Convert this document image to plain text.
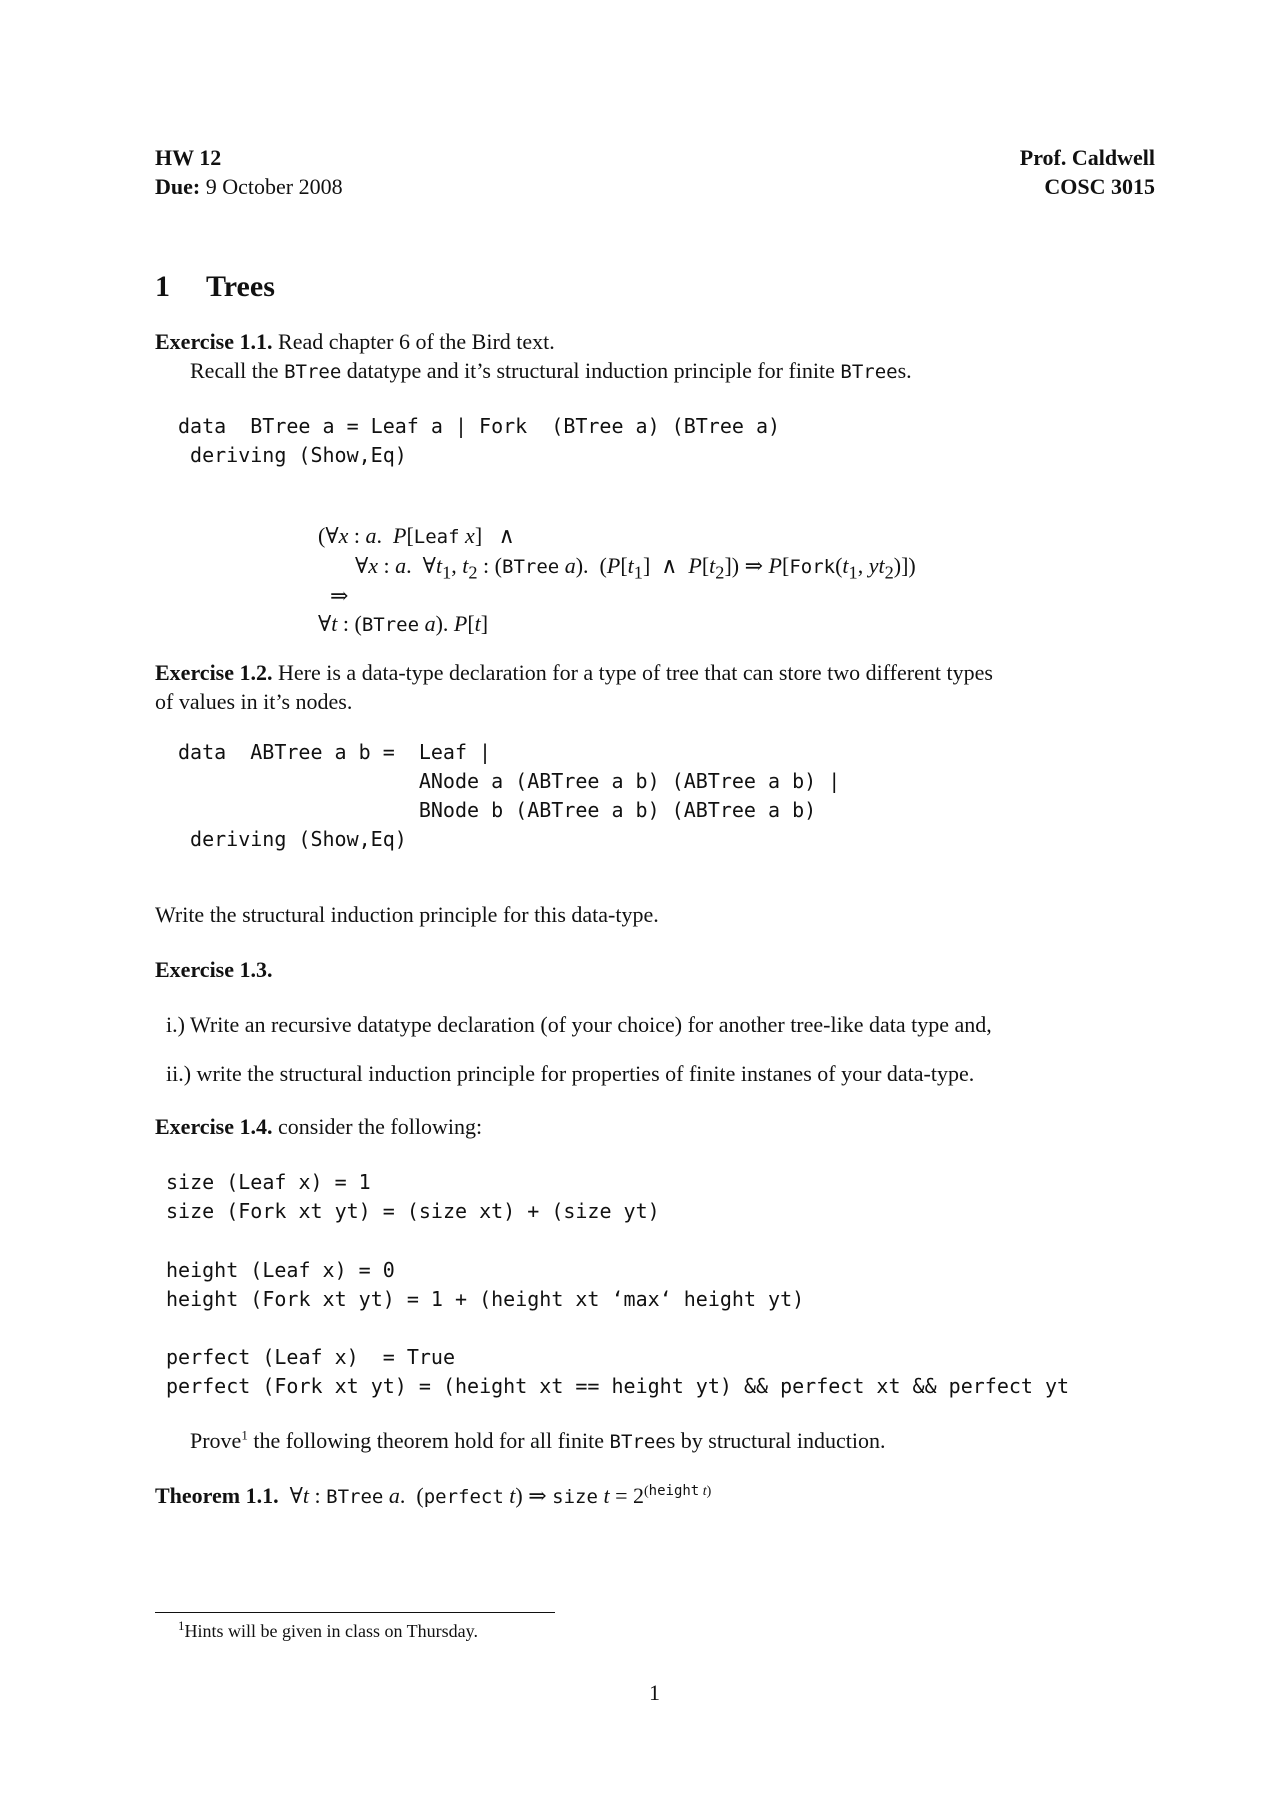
HW 12
Due: 9 October 2008
Prof. Caldwell
COSC 3015
1 Trees
Exercise 1.1. Read chapter 6 of the Bird text.
Recall the BTree datatype and it’s structural induction principle for finite BTrees.
data  BTree a = Leaf a | Fork  (BTree a) (BTree a)
deriving (Show,Eq)
(∀x : a.  P[Leaf x]   ∧
∀x : a.  $\forall t_1$, $t_2$ : (BTree a).  ($P[t_1]$  ∧  $P[t_2]$) ⇒ $P[Fork(t_1$, $yt_2$)])
⇒
∀t : (BTree a). P[t]
Exercise 1.2. Here is a data-type declaration for a type of tree that can store two different types
of values in it’s nodes.
data  ABTree a b =  Leaf |
ANode a (ABTree a b) (ABTree a b) |
BNode b (ABTree a b) (ABTree a b)
deriving (Show,Eq)
Write the structural induction principle for this data-type.
Exercise 1.3.
i.) Write an recursive datatype declaration (of your choice) for another tree-like data type and,
ii.) write the structural induction principle for properties of finite instanes of your data-type.
Exercise 1.4. consider the following:
size (Leaf x) = 1
size (Fork xt yt) = (size xt) + (size yt)
height (Leaf x) = 0
height (Fork xt yt) = 1 + (height xt ‘max‘ height yt)
perfect (Leaf x)  = True
perfect (Fork xt yt) = (height xt == height yt) && perfect xt && perfect yt
Prove$^1$ the following theorem hold for all finite BTrees by structural induction.
Theorem 1.1. ∀t : BTree a.  (perfect t) ⇒ size $t = 2^{(height t)}$
$^1$Hints will be given in class on Thursday.
1
